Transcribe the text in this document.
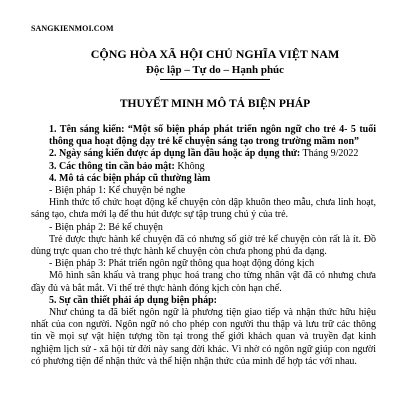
SANGKIENMOI.COM
CỘNG HÒA XÃ HỘI CHỦ NGHĨA VIỆT NAM
Độc lập – Tự do – Hạnh phúc
THUYẾT MINH MÔ TẢ BIỆN PHÁP

1. Tên sáng kiến: “Một số biện pháp phát triển ngôn ngữ cho trẻ 4- 5 tuổi thông qua hoạt động dạy trẻ kể chuyện sáng tạo trong trường mầm non”

2. Ngày sáng kiến được áp dụng lần đầu hoặc áp dụng thử: Tháng 9/2022

3. Các thông tin cần bảo mật: Không

4. Mô tả các biện pháp cũ thường làm

- Biện pháp 1: Kể chuyện bé nghe

Hình thức tổ chức hoạt động kể chuyện còn dập khuôn theo mẫu, chưa linh hoạt, sáng tạo, chưa mới lạ để thu hút được sự tập trung chú ý của trẻ.

- Biện pháp 2: Bé kể chuyện

Trẻ được thực hành kể chuyện đã có nhưng số giờ trẻ kể chuyện còn rất là ít. Đồ dùng trực quan cho trẻ thực hành kể chuyện còn chưa phong phú đa dạng.

- Biện pháp 3: Phát triển ngôn ngữ thông qua hoạt động đóng kịch

Mô hình sân khấu và trang phục hoá trang cho từng nhân vật đã có nhưng chưa đầy đủ và bắt mắt. Vì thế trẻ thực hành đóng kịch còn hạn chế.

5. Sự cần thiết phải áp dụng biện pháp:

Như chúng ta đã biết ngôn ngữ là phương tiện giao tiếp và nhận thức hữu hiệu nhất của con người. Ngôn ngữ nó cho phép con người thu thập và lưu trữ các thông tin về mọi sự vật hiện tượng tồn tại trong thế giới khách quan và truyền đạt kinh nghiệm lịch sử - xã hội từ đời này sang đời khác. Vì nhờ có ngôn ngữ giúp con người có phương tiện để nhận thức và thể hiện nhận thức của mình để hợp tác với nhau.
